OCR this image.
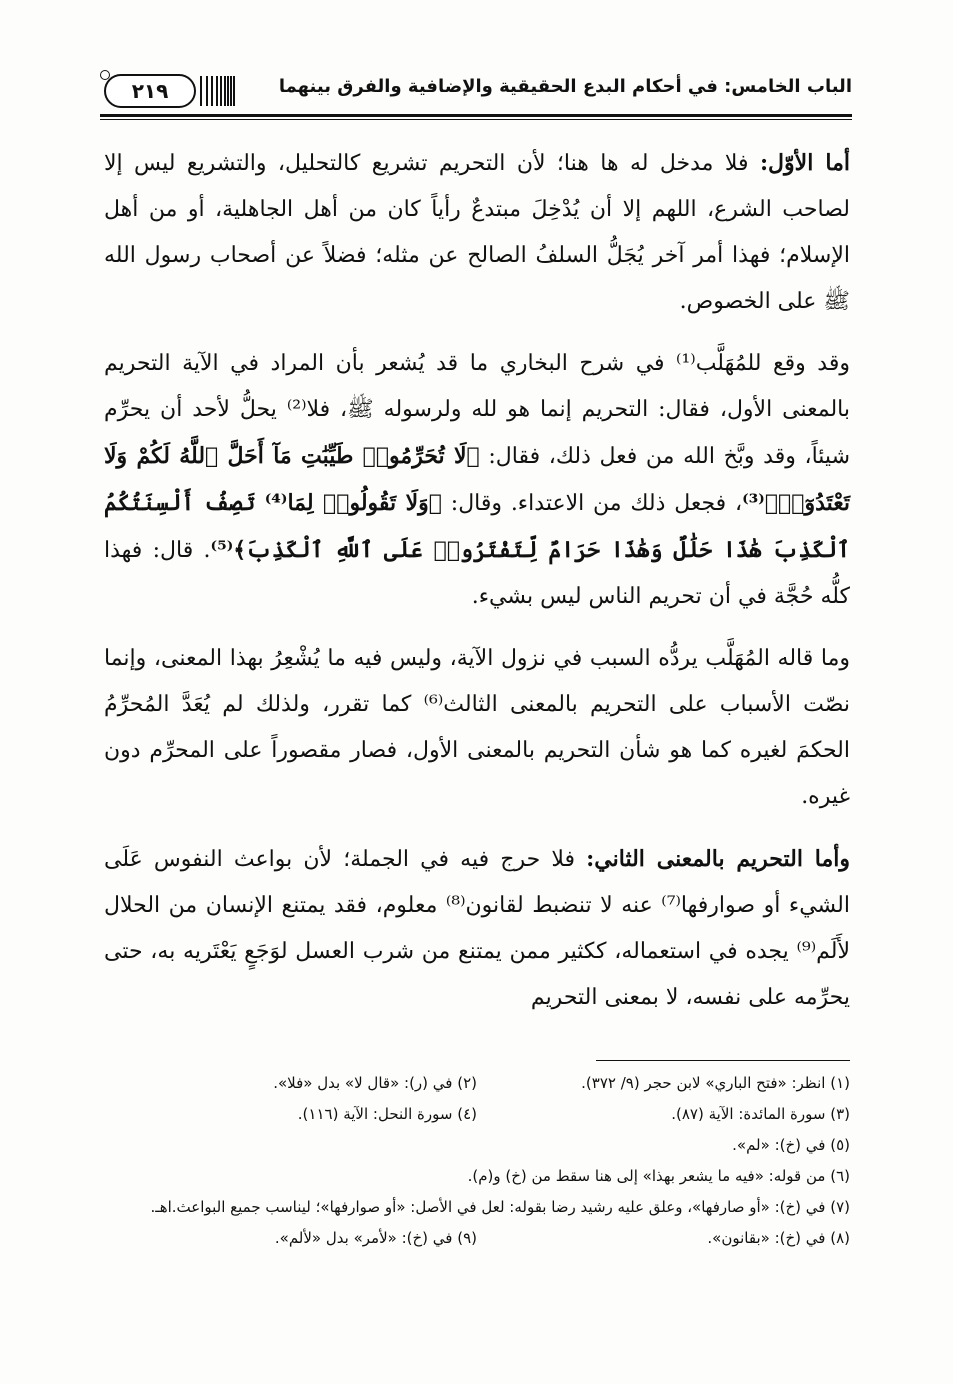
الباب الخامس: في أحكام البدع الحقيقية والإضافية والفرق بينهما
٢١٩

أما الأوّل: فلا مدخل له ها هنا؛ لأن التحريم تشريع كالتحليل، والتشريع ليس إلا لصاحب الشرع، اللهم إلا أن يُدْخِلَ مبتدعٌ رأياً كان من أهل الجاهلية، أو من أهل الإسلام؛ فهذا أمر آخر يُجَلُّ السلفُ الصالح عن مثله؛ فضلاً عن أصحاب رسول الله ﷺ على الخصوص.

وقد وقع للمُهَلَّب⁽¹⁾ في شرح البخاري ما قد يُشعر بأن المراد في الآية التحريم بالمعنى الأول، فقال: التحريم إنما هو لله ولرسوله ﷺ، فلا⁽²⁾ يحلُّ لأحد أن يحرِّم شيئاً، وقد وبَّخ الله من فعل ذلك، فقال: ﴿لَا تُحَرِّمُوا۟ طَيِّبَٰتِ مَآ أَحَلَّ ٱللَّهُ لَكُمْ وَلَا تَعْتَدُوٓا۟﴾⁽³⁾، فجعل ذلك من الاعتداء. وقال: ﴿وَلَا تَقُولُوا۟ لِمَا⁽⁴⁾ تَصِفُ أَلْسِنَتُكُمُ ٱلْكَذِبَ هَٰذَا حَلَٰلٌ وَهَٰذَا حَرَامٌ لِّتَفْتَرُوا۟ عَلَى ٱللَّهِ ٱلْكَذِبَ﴾⁽⁵⁾. قال: فهذا كلُّه حُجَّة في أن تحريم الناس ليس بشيء.

وما قاله المُهَلَّب يردُّه السبب في نزول الآية، وليس فيه ما يُشْعِرُ بهذا المعنى، وإنما نصّت الأسباب على التحريم بالمعنى الثالث⁽⁶⁾ كما تقرر، ولذلك لم يُعَدَّ المُحرِّمُ الحكمَ لغيره كما هو شأن التحريم بالمعنى الأول، فصار مقصوراً على المحرِّم دون غيره.

وأما التحريم بالمعنى الثاني: فلا حرج فيه في الجملة؛ لأن بواعث النفوس عَلَى الشيء أو صوارفها⁽⁷⁾ عنه لا تنضبط لقانون⁽⁸⁾ معلوم، فقد يمتنع الإنسان من الحلال لأَلَم⁽⁹⁾ يجده في استعماله، ككثير ممن يمتنع من شرب العسل لوَجَعٍ يَعْتَريه به، حتى يحرِّمه على نفسه، لا بمعنى التحريم

(١) انظر: «فتح الباري» لابن حجر (٩/ ٣٧٢).
(٢) في (ر): «قال لا» بدل «فلا».
(٣) سورة المائدة: الآية (٨٧).
(٤) سورة النحل: الآية (١١٦).
(٥) في (خ): «لم».
(٦) من قوله: «فيه ما يشعر بهذا» إلى هنا سقط من (خ) و(م).
(٧) في (خ): «أو صارفها»، وعلق عليه رشيد رضا بقوله: لعل في الأصل: «أو صوارفها»؛ ليناسب جميع البواعث.اهـ.
(٨) في (خ): «بقانون».
(٩) في (خ): «لأمر» بدل «لألم».
